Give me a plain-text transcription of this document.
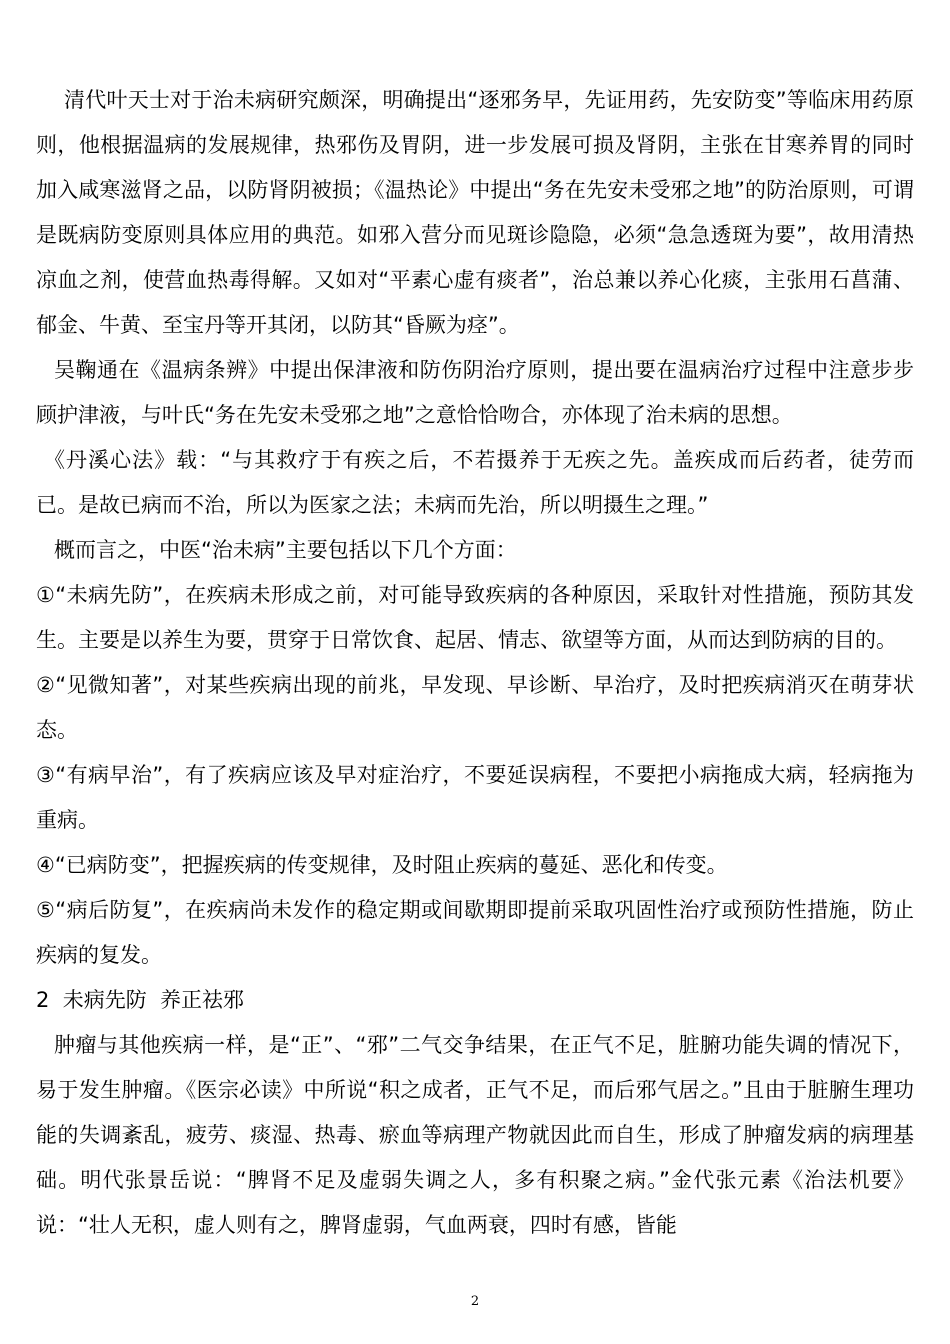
清代叶天士对于治未病研究颇深，明确提出“逐邪务早，先证用药，先安防变”等临床用药原则，他根据温病的发展规律，热邪伤及胃阴，进一步发展可损及肾阴，主张在甘寒养胃的同时加入咸寒滋肾之品，以防肾阴被损；《温热论》中提出“务在先安未受邪之地”的防治原则，可谓是既病防变原则具体应用的典范。如邪入营分而见斑诊隐隐，必须“急急透斑为要”，故用清热凉血之剂，使营血热毒得解。又如对“平素心虚有痰者”，治总兼以养心化痰，主张用石菖蒲、郁金、牛黄、至宝丹等开其闭，以防其“昏厥为痉”。

吴鞠通在《温病条辨》中提出保津液和防伤阴治疗原则，提出要在温病治疗过程中注意步步顾护津液，与叶氏“务在先安未受邪之地”之意恰恰吻合，亦体现了治未病的思想。

《丹溪心法》载：“与其救疗于有疾之后，不若摄养于无疾之先。盖疾成而后药者，徒劳而已。是故已病而不治，所以为医家之法；未病而先治，所以明摄生之理。”

概而言之，中医“治未病”主要包括以下几个方面：

①“未病先防”，在疾病未形成之前，对可能导致疾病的各种原因，采取针对性措施，预防其发生。主要是以养生为要，贯穿于日常饮食、起居、情志、欲望等方面，从而达到防病的目的。

②“见微知著”，对某些疾病出现的前兆，早发现、早诊断、早治疗，及时把疾病消灭在萌芽状态。

③“有病早治”，有了疾病应该及早对症治疗，不要延误病程，不要把小病拖成大病，轻病拖为重病。

④“已病防变”，把握疾病的传变规律，及时阻止疾病的蔓延、恶化和传变。

⑤“病后防复”，在疾病尚未发作的稳定期或间歇期即提前采取巩固性治疗或预防性措施，防止疾病的复发。

2  未病先防  养正祛邪

肿瘤与其他疾病一样，是“正”、“邪”二气交争结果，在正气不足，脏腑功能失调的情况下，易于发生肿瘤。《医宗必读》中所说“积之成者，正气不足，而后邪气居之。”且由于脏腑生理功能的失调紊乱，疲劳、痰湿、热毒、瘀血等病理产物就因此而自生，形成了肿瘤发病的病理基础。明代张景岳说：“脾肾不足及虚弱失调之人，多有积聚之病。”金代张元素《治法机要》说：“壮人无积，虚人则有之，脾肾虚弱，气血两衰，四时有感，皆能

2
